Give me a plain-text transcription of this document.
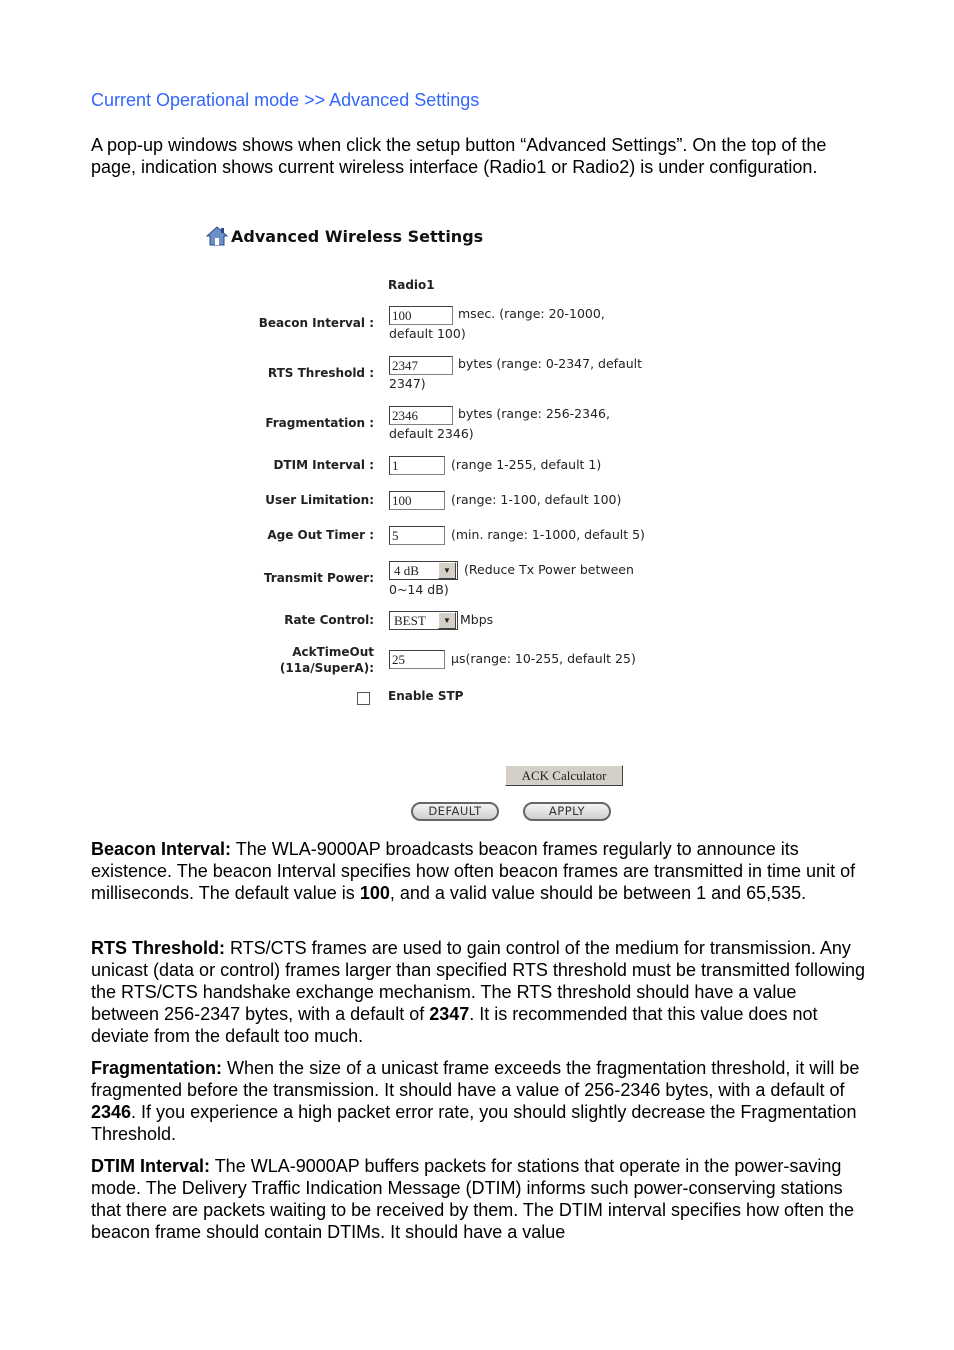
Current Operational mode >> Advanced Settings
A pop-up windows shows when click the setup button “Advanced Settings”. On the top of the page, indication shows current wireless interface (Radio1 or Radio2) is under configuration.
Advanced Wireless Settings
Radio1
Beacon Interval : 100	msec. (range: 20-1000,
default 100)
RTS Threshold : 2347	bytes (range: 0-2347, default
2347)
Fragmentation : 2346	bytes (range: 256-2346,
default 2346)
DTIM Interval : 1	(range 1-255, default 1)
User Limitation: 100	(range: 1-100, default 100)
Age Out Timer : 5	(min. range: 1-1000, default 5)
Transmit Power:
4 dB	▼	(Reduce Tx Power between
0~14 dB)
Rate Control:	BEST	▼ Mbps
AckTimeOut
(11a/SuperA):
25	µs(range: 10-255, default 25)
Enable STP
ACK Calculator
DEFAULT	APPLY
Beacon Interval: The WLA-9000AP broadcasts beacon frames regularly to announce its existence. The beacon Interval specifies how often beacon frames are transmitted in time unit of milliseconds. The default value is 100, and a valid value should be between 1 and 65,535.
RTS Threshold: RTS/CTS frames are used to gain control of the medium for transmission. Any unicast (data or control) frames larger than specified RTS threshold must be transmitted following the RTS/CTS handshake exchange mechanism. The RTS threshold should have a value between 256-2347 bytes, with a default of 2347. It is recommended that this value does not deviate from the default too much.
Fragmentation: When the size of a unicast frame exceeds the fragmentation threshold, it will be fragmented before the transmission. It should have a value of 256-2346 bytes, with a default of 2346. If you experience a high packet error rate, you should slightly decrease the Fragmentation Threshold.
DTIM Interval: The WLA-9000AP buffers packets for stations that operate in the power-saving mode. The Delivery Traffic Indication Message (DTIM) informs such power-conserving stations that there are packets waiting to be received by them. The DTIM interval specifies how often the beacon frame should contain DTIMs. It should have a value
